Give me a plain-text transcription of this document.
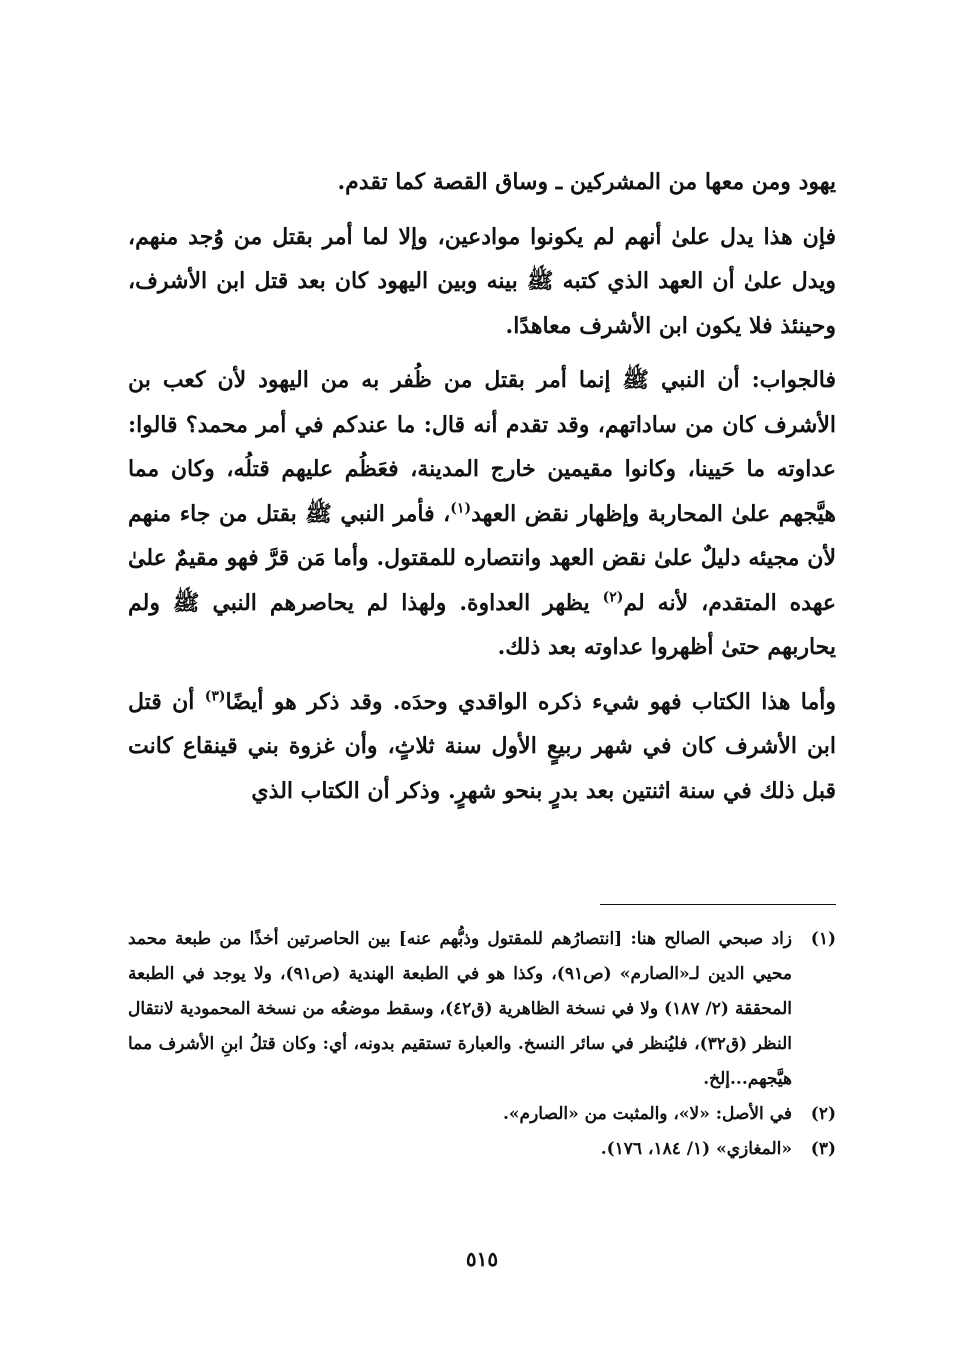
يهود ومن معها من المشركين ـ وساق القصة كما تقدم.

فإن هذا يدل علىٰ أنهم لم يكونوا موادعين، وإلا لما أمر بقتل من وُجد منهم، ويدل علىٰ أن العهد الذي كتبه ﷺ بينه وبين اليهود كان بعد قتل ابن الأشرف، وحينئذ فلا يكون ابن الأشرف معاهدًا.

فالجواب: أن النبي ﷺ إنما أمر بقتل من ظُفر به من اليهود لأن كعب بن الأشرف كان من ساداتهم، وقد تقدم أنه قال: ما عندكم في أمر محمد؟ قالوا: عداوته ما حَيينا، وكانوا مقيمين خارج المدينة، فعَظُم عليهم قتلُه، وكان مما هيَّجهم علىٰ المحاربة وإظهار نقض العهد$^{(١)}$، فأمر النبي ﷺ بقتل من جاء منهم لأن مجيئه دليلٌ علىٰ نقض العهد وانتصاره للمقتول. وأما مَن قرَّ فهو مقيمٌ علىٰ عهده المتقدم، لأنه لم$^{(٢)}$ يظهر العداوة. ولهذا لم يحاصرهم النبي ﷺ ولم يحاربهم حتىٰ أظهروا عداوته بعد ذلك.

وأما هذا الكتاب فهو شيء ذكره الواقدي وحدَه. وقد ذكر هو أيضًا$^{(٣)}$ أن قتل ابن الأشرف كان في شهر ربيعٍ الأول سنة ثلاثٍ، وأن غزوة بني قينقاع كانت قبل ذلك في سنة اثنتين بعد بدرٍ بنحو شهرٍ. وذكر أن الكتاب الذي

(١)
زاد صبحي الصالح هنا: [انتصارُهم للمقتول وذبُّهم عنه] بين الحاصرتين أخذًا من طبعة محمد محيي الدين لـ«الصارم» (ص٩١)، وكذا هو في الطبعة الهندية (ص٩١)، ولا يوجد في الطبعة المحققة (٢/ ١٨٧) ولا في نسخة الظاهرية (ق٤٢)، وسقط موضعُه من نسخة المحمودية لانتقال النظر (ق٣٢)، فليُنظر في سائر النسخ. والعبارة تستقيم بدونه، أي: وكان قتلُ ابنِ الأشرف مما هيَّجهم...إلخ.
(٢)
في الأصل: «لا»، والمثبت من «الصارم».
(٣)
«المغازي» (١/ ١٨٤، ١٧٦).
٥١٥
